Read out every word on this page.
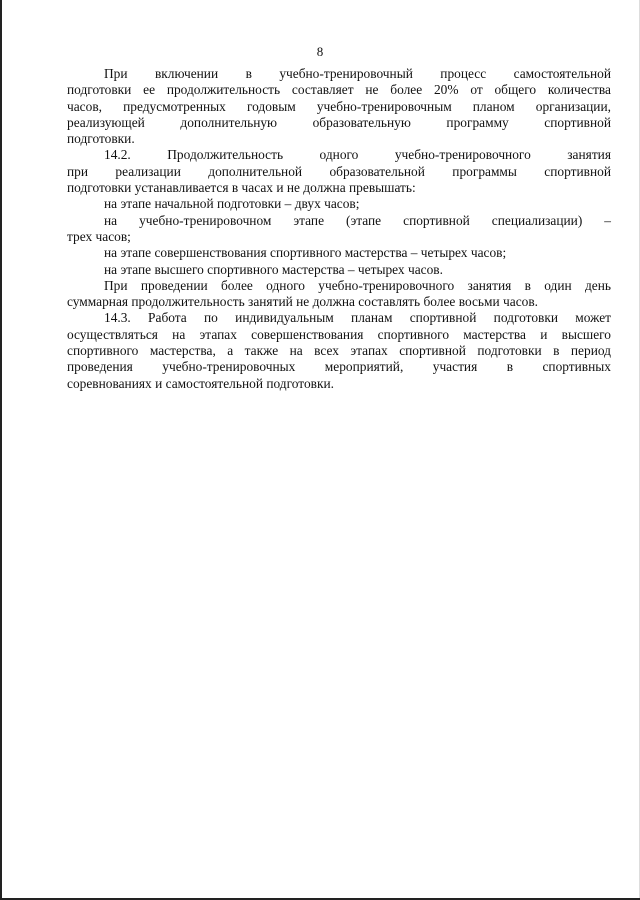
8
При включении в учебно-тренировочный процесс самостоятельной
подготовки ее продолжительность составляет не более 20% от общего количества
часов, предусмотренных годовым учебно-тренировочным планом организации,
реализующей дополнительную образовательную программу спортивной
подготовки.
14.2. Продолжительность одного учебно-тренировочного занятия
при реализации дополнительной образовательной программы спортивной
подготовки устанавливается в часах и не должна превышать:
на этапе начальной подготовки – двух часов;
на учебно-тренировочном этапе (этапе спортивной специализации) –
трех часов;
на этапе совершенствования спортивного мастерства – четырех часов;
на этапе высшего спортивного мастерства – четырех часов.
При проведении более одного учебно-тренировочного занятия в один день
суммарная продолжительность занятий не должна составлять более восьми часов.
14.3. Работа по индивидуальным планам спортивной подготовки может
осуществляться на этапах совершенствования спортивного мастерства и высшего
спортивного мастерства, а также на всех этапах спортивной подготовки в период
проведения учебно-тренировочных мероприятий, участия в спортивных
соревнованиях и самостоятельной подготовки.
